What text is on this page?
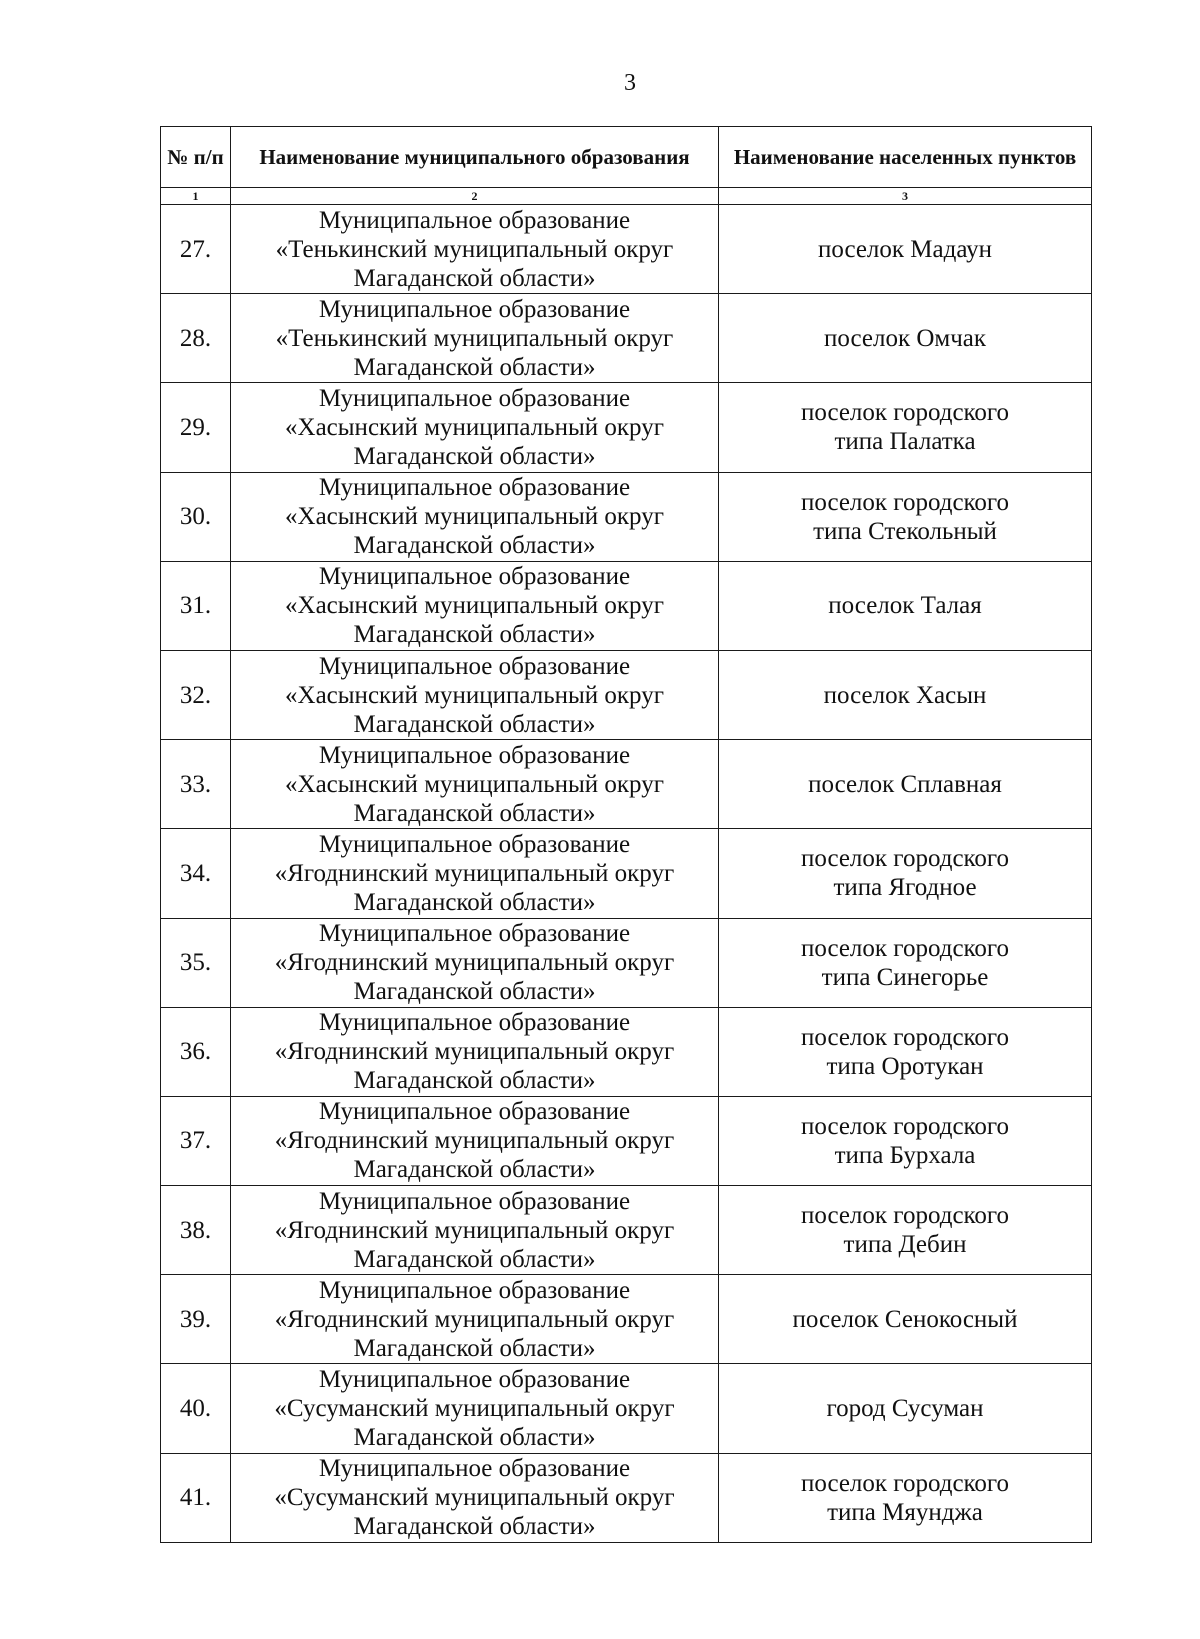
3
№ п/п	Наименование муниципального образования	Наименование населенных пунктов
1	2	3

27.	Муниципальное образование
«Тенькинский муниципальный округ
Магаданской области»	поселок Мадаун

28.	Муниципальное образование
«Тенькинский муниципальный округ
Магаданской области»	поселок Омчак

29.	Муниципальное образование
«Хасынский муниципальный округ
Магаданской области»	поселок городского
типа Палатка

30.	Муниципальное образование
«Хасынский муниципальный округ
Магаданской области»	поселок городского
типа Стекольный

31.	Муниципальное образование
«Хасынский муниципальный округ
Магаданской области»	поселок Талая

32.	Муниципальное образование
«Хасынский муниципальный округ
Магаданской области»	поселок Хасын

33.	Муниципальное образование
«Хасынский муниципальный округ
Магаданской области»	поселок Сплавная

34.	Муниципальное образование
«Ягоднинский муниципальный округ
Магаданской области»	поселок городского
типа Ягодное

35.	Муниципальное образование
«Ягоднинский муниципальный округ
Магаданской области»	поселок городского
типа Синегорье

36.	Муниципальное образование
«Ягоднинский муниципальный округ
Магаданской области»	поселок городского
типа Оротукан

37.	Муниципальное образование
«Ягоднинский муниципальный округ
Магаданской области»	поселок городского
типа Бурхала

38.	Муниципальное образование
«Ягоднинский муниципальный округ
Магаданской области»	поселок городского
типа Дебин

39.	Муниципальное образование
«Ягоднинский муниципальный округ
Магаданской области»	поселок Сенокосный

40.	Муниципальное образование
«Сусуманский муниципальный округ
Магаданской области»	город Сусуман

41.	Муниципальное образование
«Сусуманский муниципальный округ
Магаданской области»	поселок городского
типа Мяунджа
